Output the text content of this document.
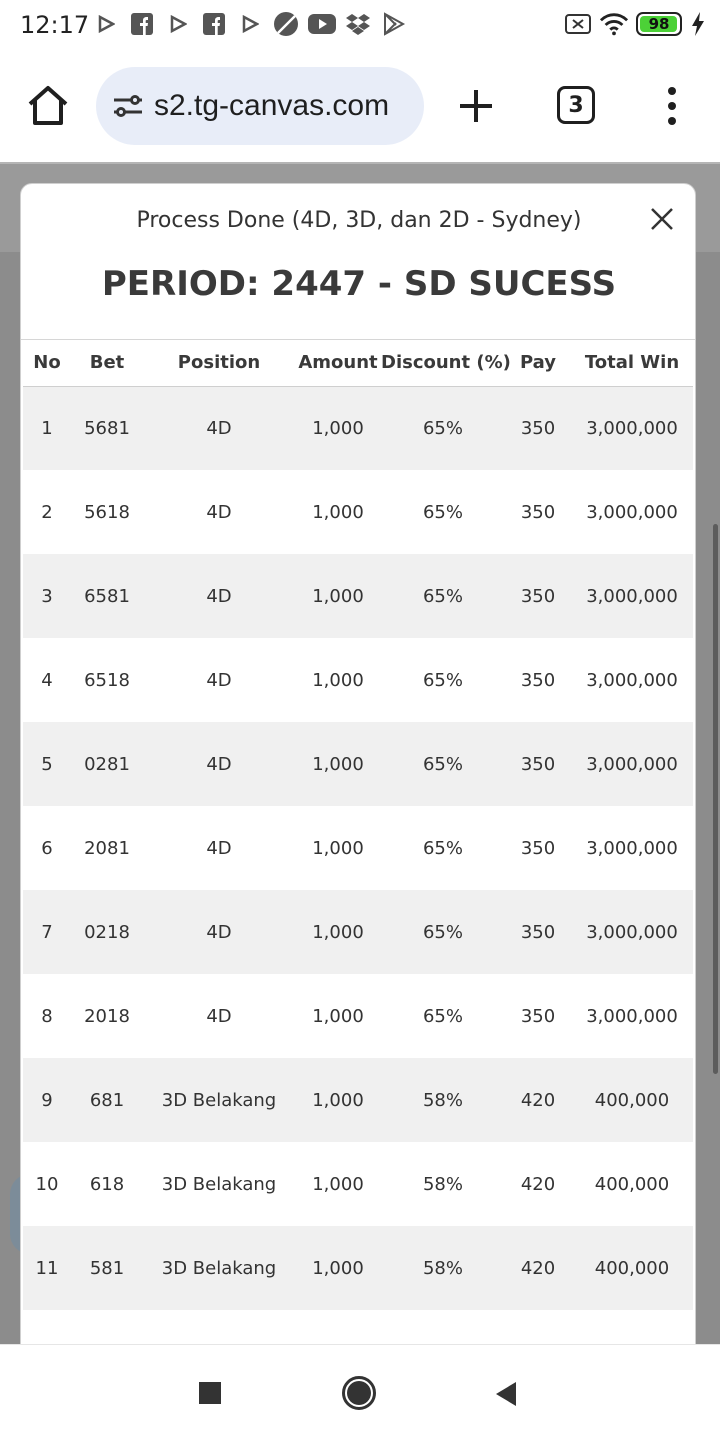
12:17	98
s2.tg-canvas.com	3
Process Done (4D, 3D, dan 2D - Sydney)
PERIOD: 2447 - SD SUCESS
No	Bet	Position	Amount	Discount (%)	Pay	Total Win
1	5681	4D	1,000	65%	350	3,000,000
2	5618	4D	1,000	65%	350	3,000,000
3	6581	4D	1,000	65%	350	3,000,000
4	6518	4D	1,000	65%	350	3,000,000
5	0281	4D	1,000	65%	350	3,000,000
6	2081	4D	1,000	65%	350	3,000,000
7	0218	4D	1,000	65%	350	3,000,000
8	2018	4D	1,000	65%	350	3,000,000
9	681	3D Belakang	1,000	58%	420	400,000
10	618	3D Belakang	1,000	58%	420	400,000
11	581	3D Belakang	1,000	58%	420	400,000
